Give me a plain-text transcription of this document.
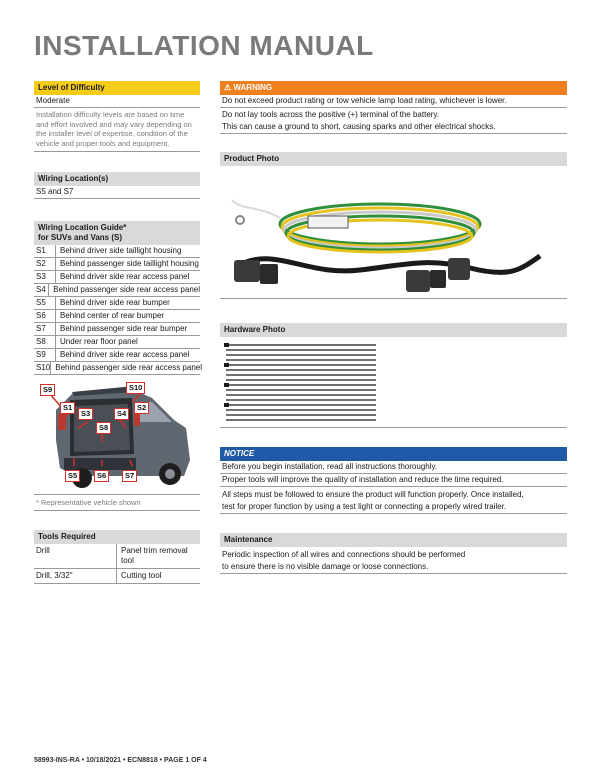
INSTALLATION MANUAL
Level of Difficulty
Moderate
Installation difficulty levels are based on time and effort involved and may vary depending on the installer level of expertise, condition of the vehicle and proper tools and equipment.
Wiring Location(s)
S5 and S7
Wiring Location Guide*
for SUVs and Vans (S)
S1	Behind driver side taillight housing
S2	Behind passenger side taillight housing
S3	Behind driver side rear access panel
S4 Behind passenger side rear access panel
S5	Behind driver side rear bumper
S6	Behind center of rear bumper
S7	Behind passenger side rear bumper
S8	Under rear floor panel
S9	Behind driver side rear access panel
S10 Behind passenger side rear access panel
S9	S10
S1	S2
S3	S4
S8
S5	S6	S7
* Representative vehicle shown
Tools Required
Drill	Panel trim removal tool
Drill, 3/32"	Cutting tool
⚠ WARNING
Do not exceed product rating or tow vehicle lamp load rating, whichever is lower.
Do not lay tools across the positive (+) terminal of the battery.
This can cause a ground to short, causing sparks and other electrical shocks.
Product Photo
Hardware Photo
NOTICE
Before you begin installation, read all instructions thoroughly.
Proper tools will improve the quality of installation and reduce the time required.
All steps must be followed to ensure the product will function properly. Once installed,
test for proper function by using a test light or connecting a properly wired trailer.
Maintenance
Periodic inspection of all wires and connections should be performed
to ensure there is no visible damage or loose connections.
58993-INS-RA • 10/18/2021 • ECN8818 • PAGE 1 OF 4
